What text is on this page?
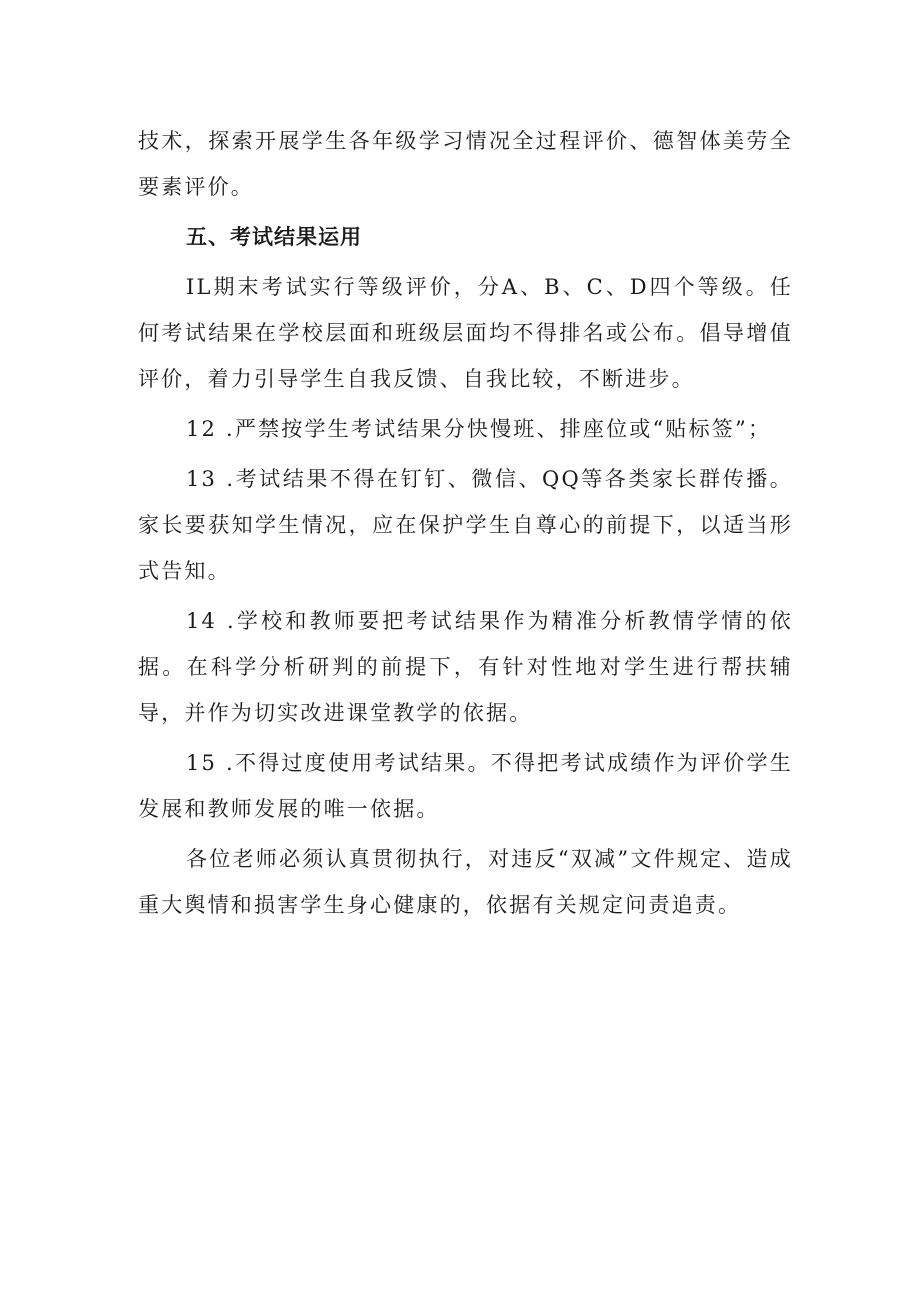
技术，探索开展学生各年级学习情况全过程评价、德智体美劳全要素评价。

五、考试结果运用

IL期末考试实行等级评价，分A、B、C、D四个等级。任何考试结果在学校层面和班级层面均不得排名或公布。倡导增值评价，着力引导学生自我反馈、自我比较，不断进步。

12 .严禁按学生考试结果分快慢班、排座位或“贴标签”；

13 .考试结果不得在钉钉、微信、QQ等各类家长群传播。家长要获知学生情况，应在保护学生自尊心的前提下，以适当形式告知。

14 .学校和教师要把考试结果作为精准分析教情学情的依据。在科学分析研判的前提下，有针对性地对学生进行帮扶辅导，并作为切实改进课堂教学的依据。

15 .不得过度使用考试结果。不得把考试成绩作为评价学生发展和教师发展的唯一依据。

各位老师必须认真贯彻执行，对违反“双减”文件规定、造成重大舆情和损害学生身心健康的，依据有关规定问责追责。
